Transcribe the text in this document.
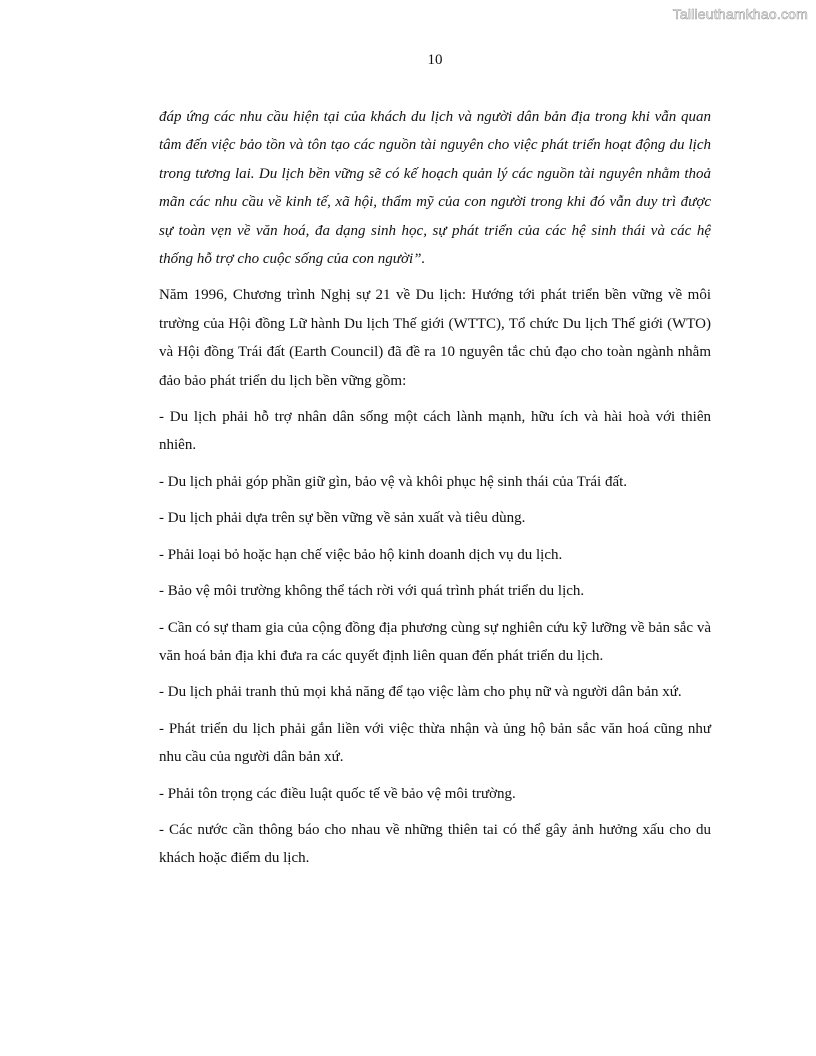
Tailieuthamkhao.com
10

đáp ứng các nhu cầu hiện tại của khách du lịch và người dân bản địa trong khi vẫn quan tâm đến việc bảo tồn và tôn tạo các nguồn tài nguyên cho việc phát triển hoạt động du lịch trong tương lai. Du lịch bền vững sẽ có kế hoạch quản lý các nguồn tài nguyên nhằm thoả mãn các nhu cầu về kinh tế, xã hội, thẩm mỹ của con người trong khi đó vẫn duy trì được sự toàn vẹn về văn hoá, đa dạng sinh học, sự phát triển của các hệ sinh thái và các hệ thống hỗ trợ cho cuộc sống của con người”.

Năm 1996, Chương trình Nghị sự 21 về Du lịch: Hướng tới phát triển bền vững về môi trường của Hội đồng Lữ hành Du lịch Thế giới (WTTC), Tổ chức Du lịch Thế giới (WTO) và Hội đồng Trái đất (Earth Council) đã đề ra 10 nguyên tắc chủ đạo cho toàn ngành nhằm đảo bảo phát triển du lịch bền vững gồm:

- Du lịch phải hỗ trợ nhân dân sống một cách lành mạnh, hữu ích và hài hoà với thiên nhiên.

- Du lịch phải góp phần giữ gìn, bảo vệ và khôi phục hệ sinh thái của Trái đất.

- Du lịch phải dựa trên sự bền vững về sản xuất và tiêu dùng.

- Phải loại bỏ hoặc hạn chế việc bảo hộ kinh doanh dịch vụ du lịch.

- Bảo vệ môi trường không thể tách rời với quá trình phát triển du lịch.

- Cần có sự tham gia của cộng đồng địa phương cùng sự nghiên cứu kỹ lưỡng về bản sắc và văn hoá bản địa khi đưa ra các quyết định liên quan đến phát triển du lịch.

- Du lịch phải tranh thủ mọi khả năng để tạo việc làm cho phụ nữ và người dân bản xứ.

- Phát triển du lịch phải gắn liền với việc thừa nhận và ủng hộ bản sắc văn hoá cũng như nhu cầu của người dân bản xứ.

- Phải tôn trọng các điều luật quốc tế về bảo vệ môi trường.

- Các nước cần thông báo cho nhau về những thiên tai có thể gây ảnh hưởng xấu cho du khách hoặc điểm du lịch.
